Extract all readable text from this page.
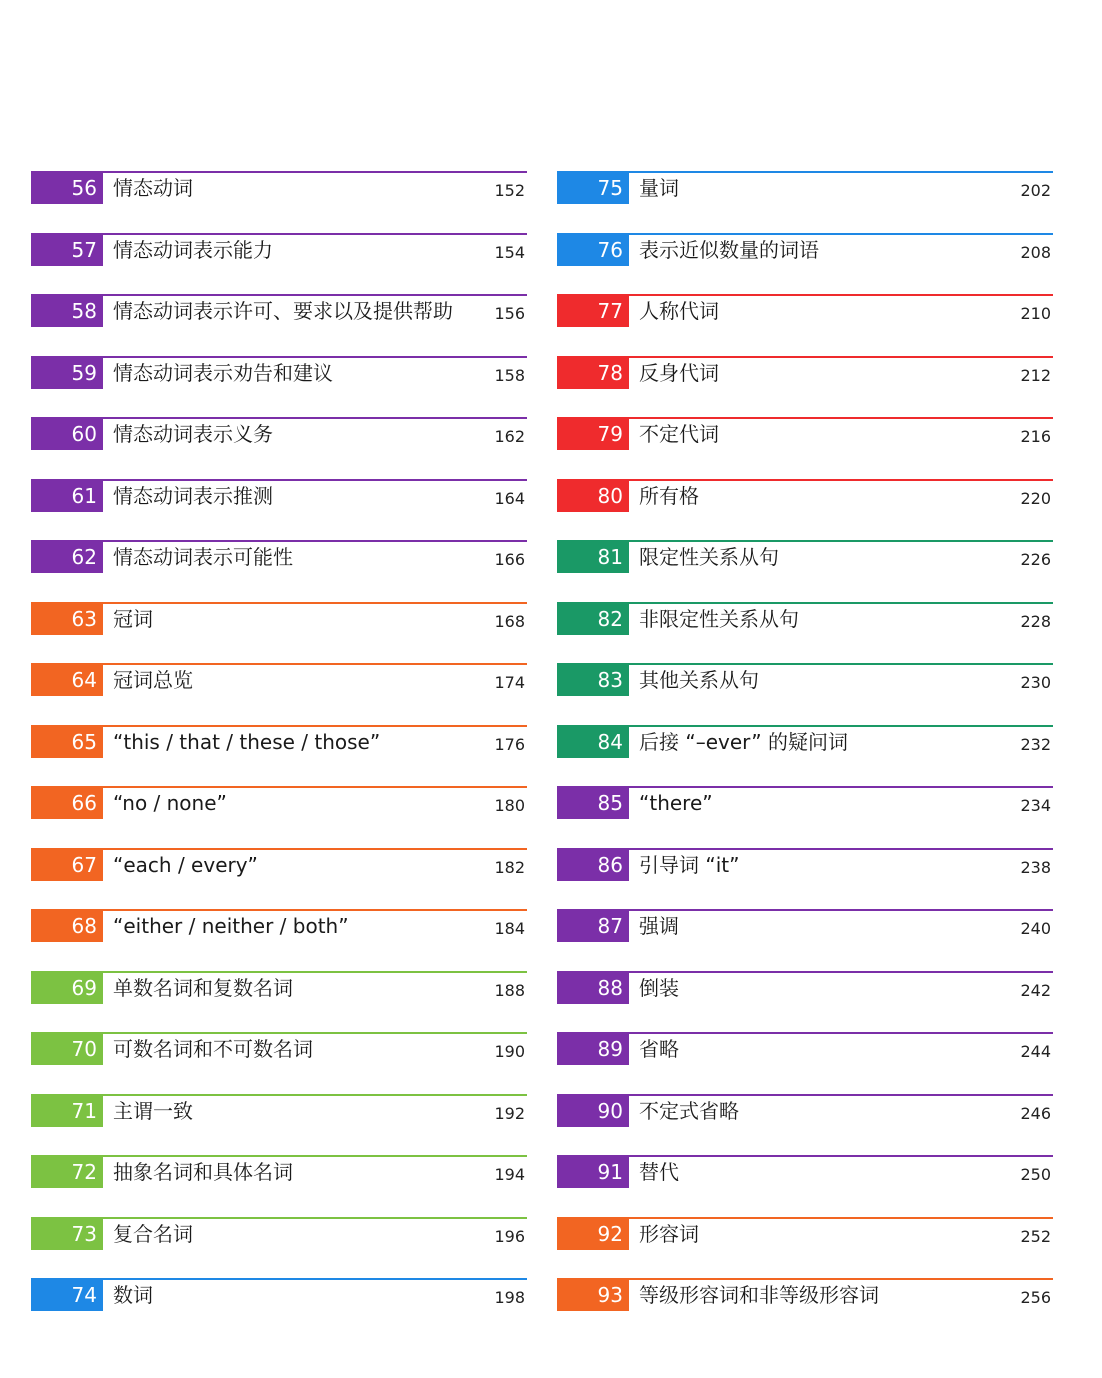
56 情态动词	152
57 情态动词表示能力	154
58 情态动词表示许可、要求以及提供帮助	156
59 情态动词表示劝告和建议	158
60 情态动词表示义务	162
61 情态动词表示推测	164
62 情态动词表示可能性	166
63 冠词	168
64 冠词总览	174
65 “this / that / these / those”	176
66 “no / none”	180
67 “each / every”	182
68 “either / neither / both”	184
69 单数名词和复数名词	188
70 可数名词和不可数名词	190
71 主谓一致	192
72 抽象名词和具体名词	194
73 复合名词	196
74 数词	198
75 量词	202
76 表示近似数量的词语	208
77 人称代词	210
78 反身代词	212
79 不定代词	216
80 所有格	220
81 限定性关系从句	226
82 非限定性关系从句	228
83 其他关系从句	230
84 后接 “–ever” 的疑问词	232
85 “there”	234
86 引导词 “it”	238
87 强调	240
88 倒装	242
89 省略	244
90 不定式省略	246
91 替代	250
92 形容词	252
93 等级形容词和非等级形容词	256
